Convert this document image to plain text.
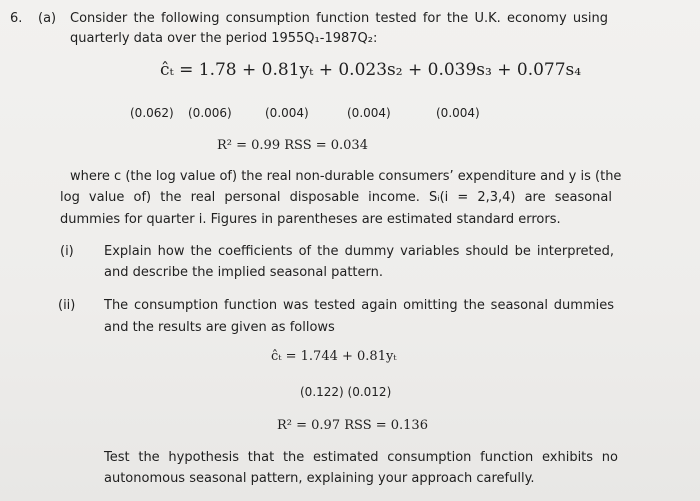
6. (a) Consider the following consumption function tested for the U.K. economy using
quarterly data over the period 1955Q₁-1987Q₂:
ĉₜ = 1.78 + 0.81yₜ + 0.023s₂ + 0.039s₃ + 0.077s₄
(0.062) (0.006)	(0.004)	(0.004)	(0.004)
R² = 0.99 RSS = 0.034
where c (the log value of) the real non-durable consumers’ expenditure and y is (the
log value of) the real personal disposable income. Sᵢ(i = 2,3,4) are seasonal
dummies for quarter i. Figures in parentheses are estimated standard errors.
(i) Explain how the coefficients of the dummy variables should be interpreted,
and describe the implied seasonal pattern.
(ii) The consumption function was tested again omitting the seasonal dummies
and the results are given as follows
ĉₜ = 1.744 + 0.81yₜ
(0.122) (0.012)
R² = 0.97 RSS = 0.136
Test the hypothesis that the estimated consumption function exhibits no
autonomous seasonal pattern, explaining your approach carefully.
